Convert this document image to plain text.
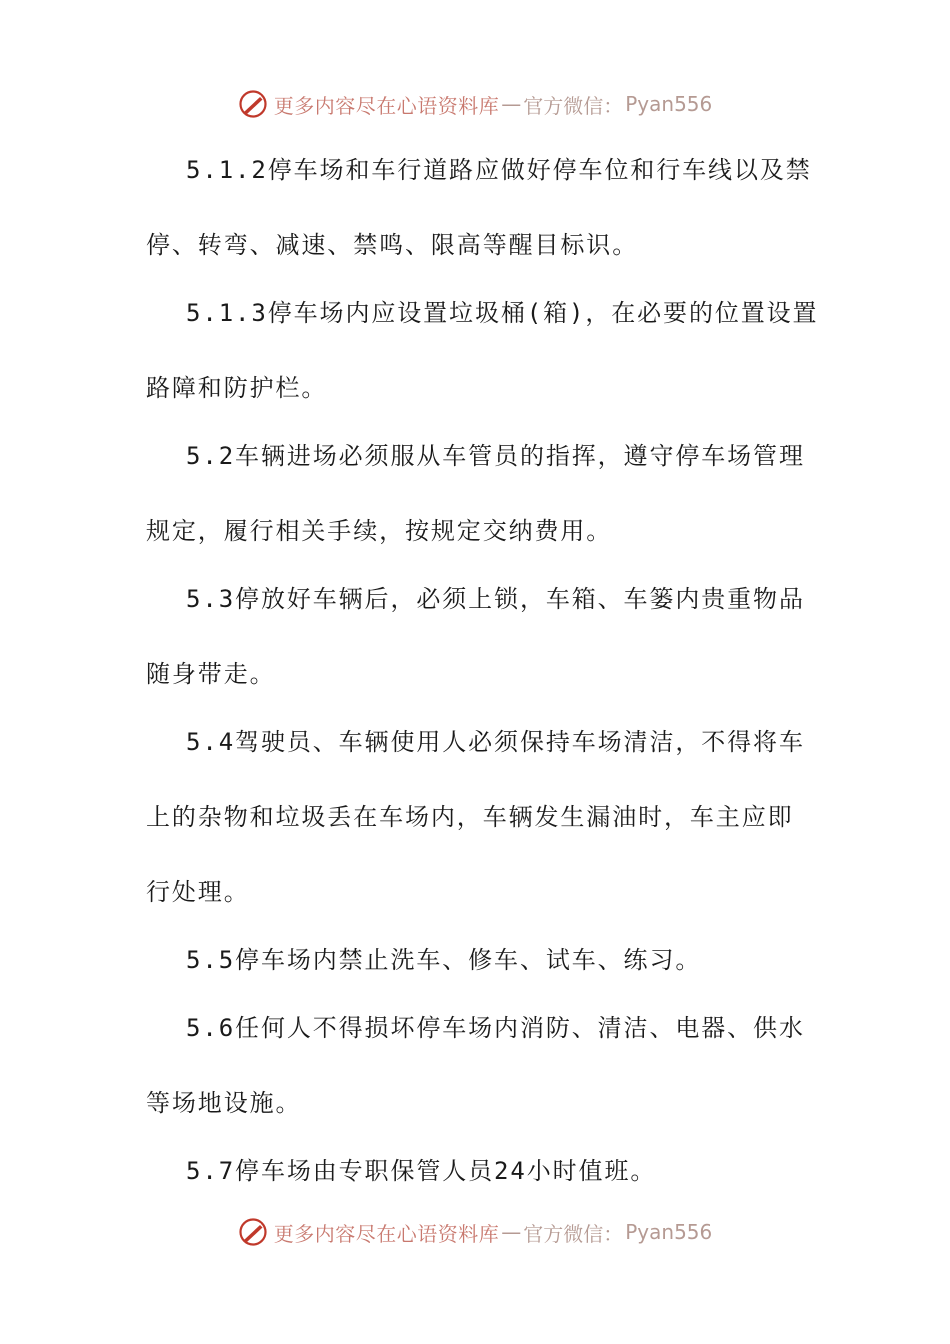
更多内容尽在心语资料库 — 官方微信： Pyan556
5.1.2停车场和车行道路应做好停车位和行车线以及禁
停、转弯、减速、禁鸣、限高等醒目标识。
5.1.3停车场内应设置垃圾桶(箱)，在必要的位置设置
路障和防护栏。
5.2车辆进场必须服从车管员的指挥，遵守停车场管理
规定，履行相关手续，按规定交纳费用。
5.3停放好车辆后，必须上锁，车箱、车篓内贵重物品
随身带走。
5.4驾驶员、车辆使用人必须保持车场清洁，不得将车
上的杂物和垃圾丢在车场内，车辆发生漏油时，车主应即
行处理。
5.5停车场内禁止洗车、修车、试车、练习。
5.6任何人不得损坏停车场内消防、清洁、电器、供水
等场地设施。
5.7停车场由专职保管人员24小时值班。
更多内容尽在心语资料库 — 官方微信： Pyan556
